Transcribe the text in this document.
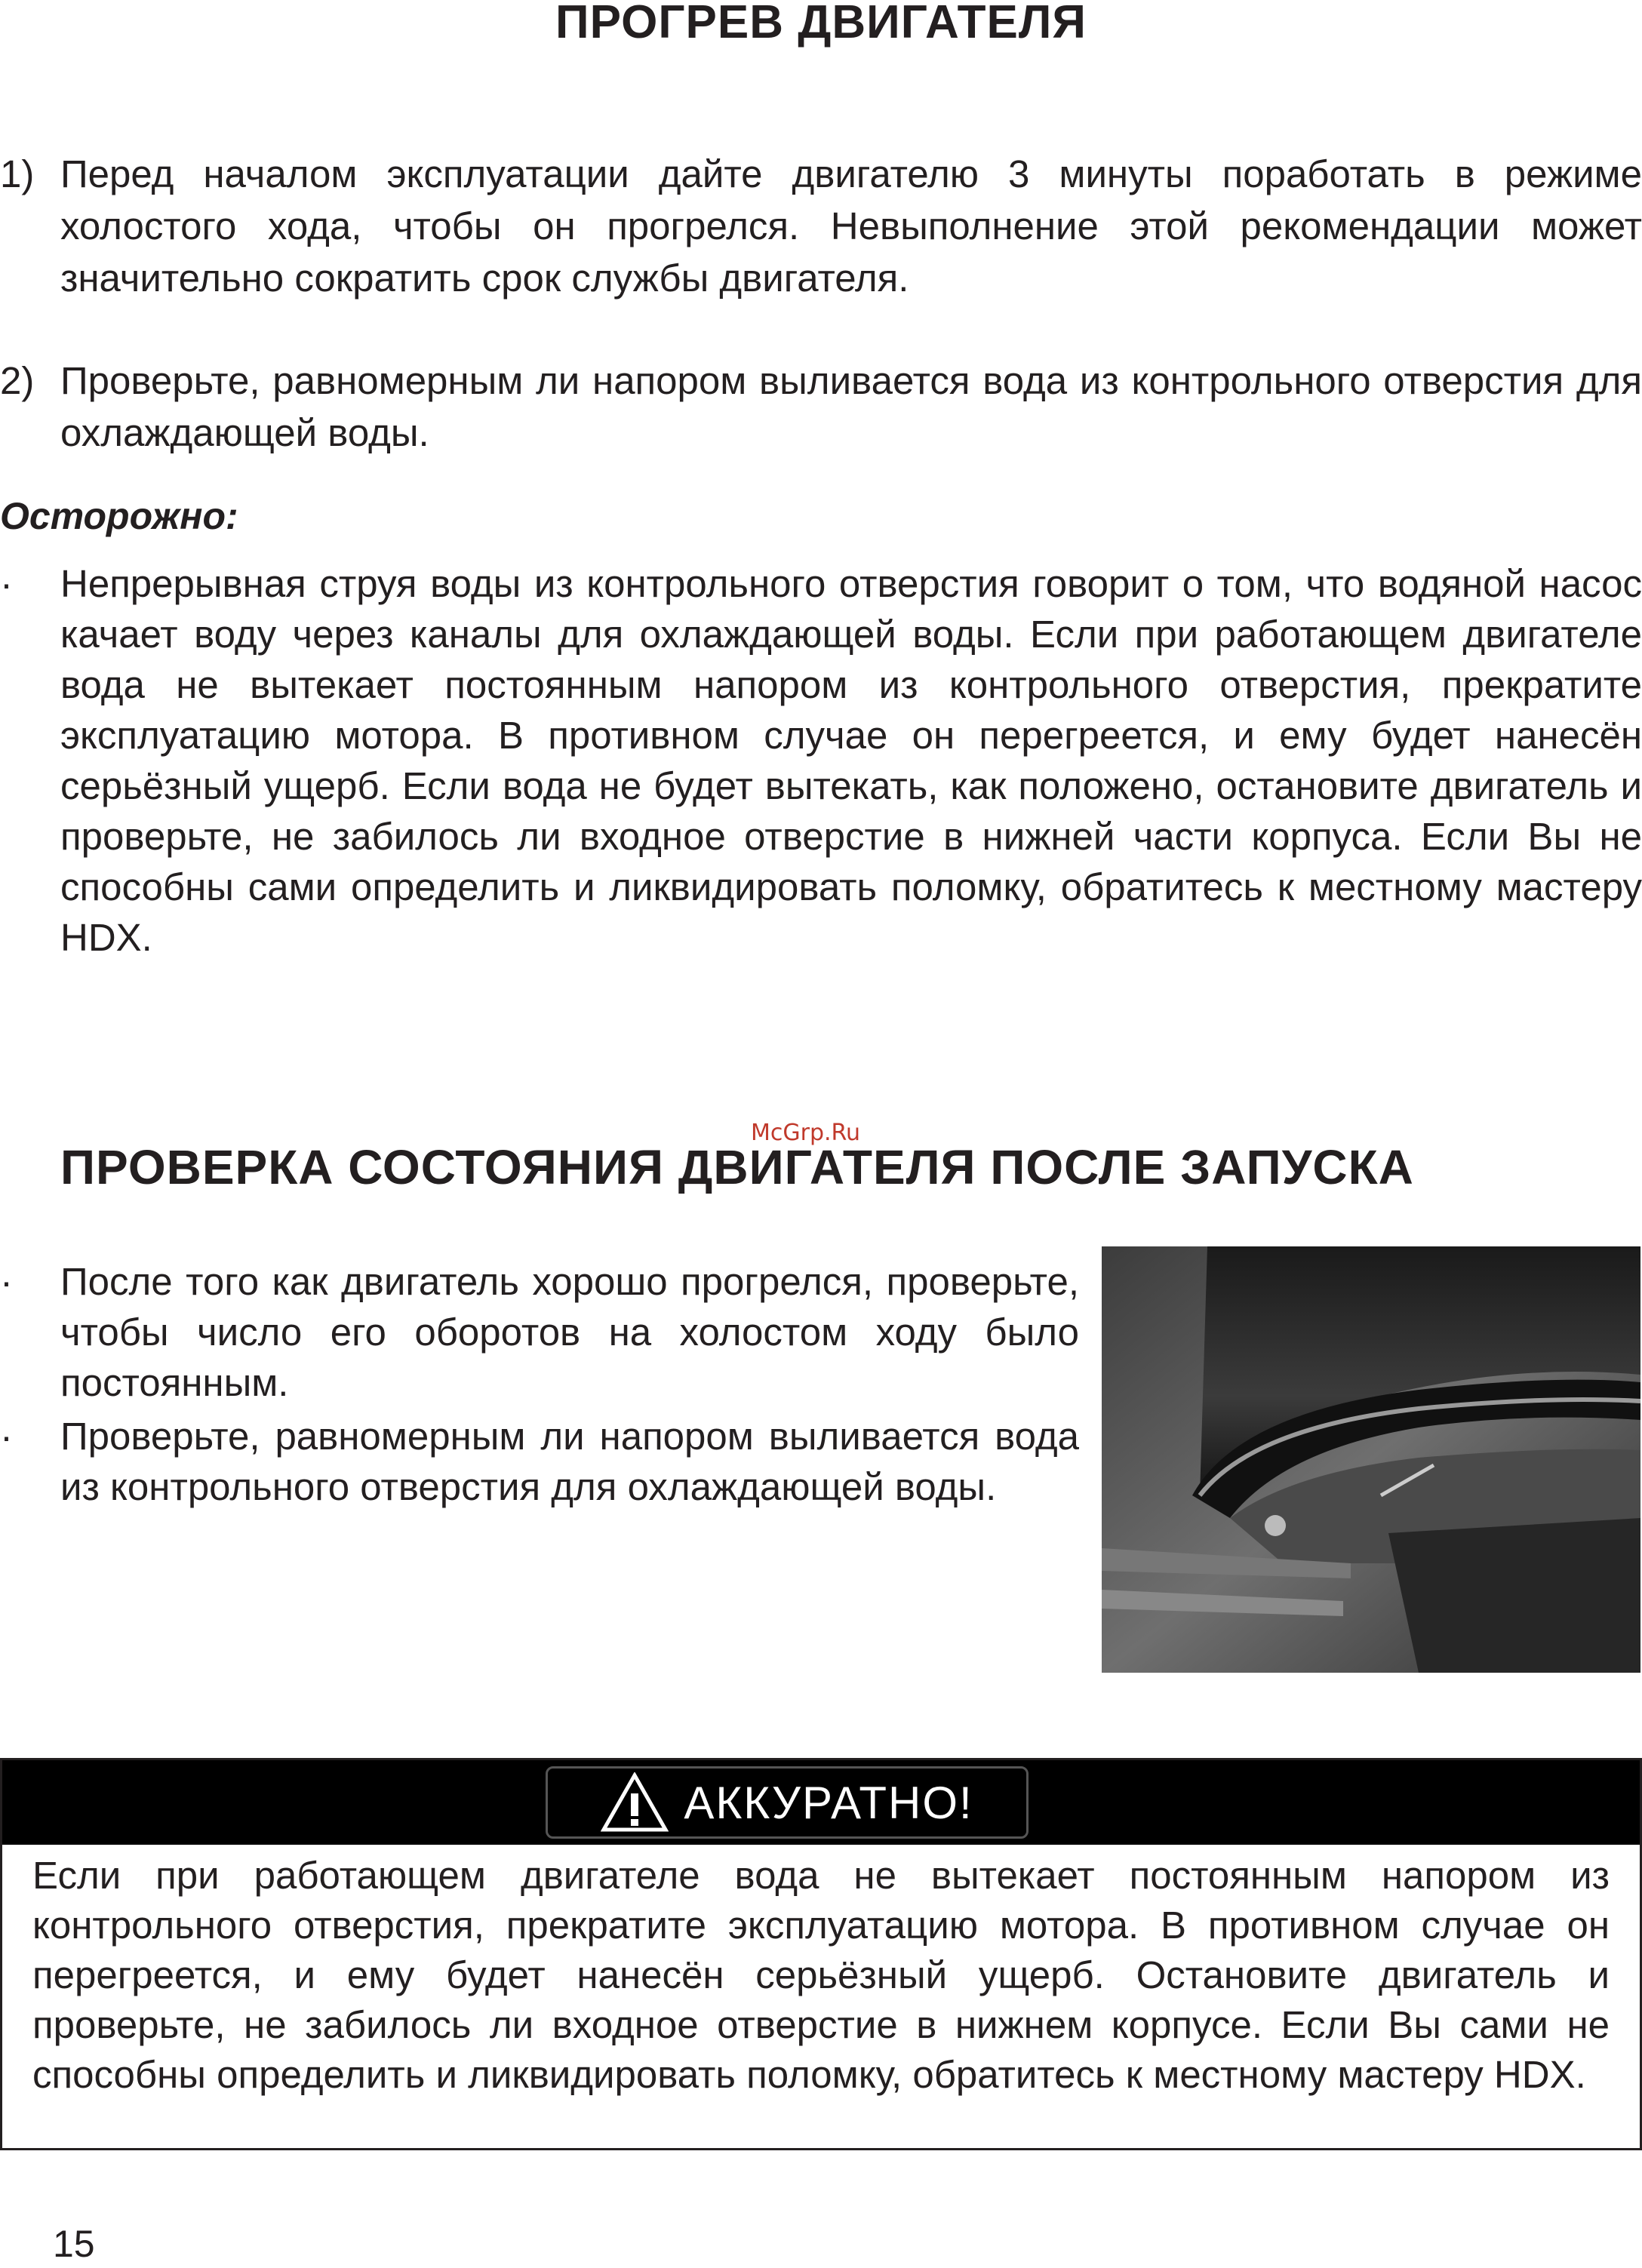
ПРОГРЕВ ДВИГАТЕЛЯ
1) Перед началом эксплуатации дайте двигателю 3 минуты поработать в режиме холостого хода, чтобы он прогрелся. Невыполнение этой рекомендации может значительно сократить срок службы двигателя.
2) Проверьте, равномерным ли напором выливается вода из контрольного отверстия для охлаждающей воды.
Осторожно:
· Непрерывная струя воды из контрольного отверстия говорит о том, что водяной насос качает воду через каналы для охлаждающей воды. Если при работающем двигателе вода не вытекает постоянным напором из контрольного отверстия, прекратите эксплуатацию мотора. В противном случае он перегреется, и ему будет нанесён серьёзный ущерб. Если вода не будет вытекать, как положено, остановите двигатель и проверьте, не забилось ли входное отверстие в нижней части корпуса. Если Вы не способны сами определить и ликвидировать поломку, обратитесь к местному мастеру HDX.
McGrp.Ru
ПРОВЕРКА СОСТОЯНИЯ ДВИГАТЕЛЯ ПОСЛЕ ЗАПУСКА
· После того как двигатель хорошо прогрелся, проверьте, чтобы число его оборотов на холостом ходу было постоянным.
· Проверьте, равномерным ли напором выливается вода из контрольного отверстия для охлаждающей воды.
АККУРАТНО!
Если при работающем двигателе вода не вытекает постоянным напором из контрольного отверстия, прекратите эксплуатацию мотора. В противном случае он перегреется, и ему будет нанесён серьёзный ущерб. Остановите двигатель и проверьте, не забилось ли входное отверстие в нижнем корпусе. Если Вы сами не способны определить и ликвидировать поломку, обратитесь к местному мастеру HDX.
15
